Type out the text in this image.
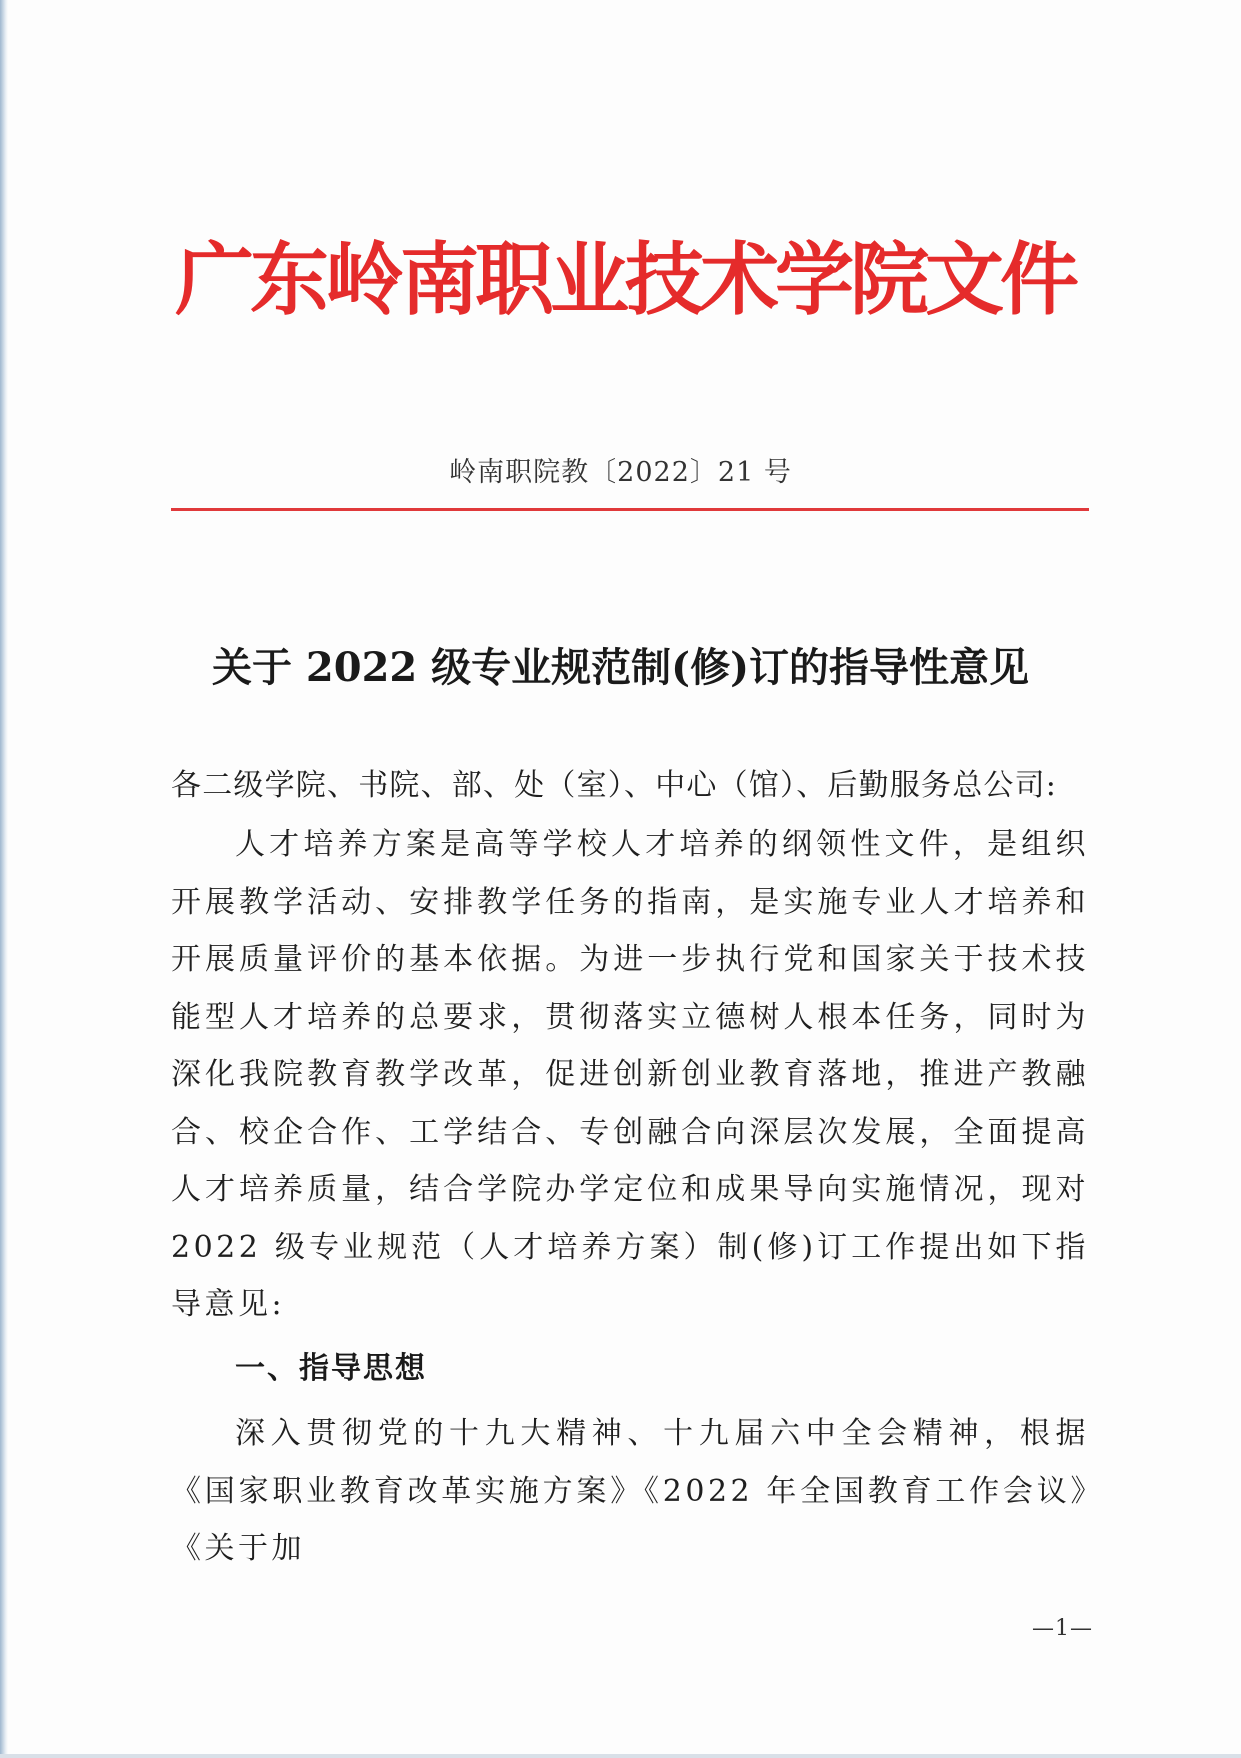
广东岭南职业技术学院文件
岭南职院教〔2022〕21 号
关于 2022 级专业规范制(修)订的指导性意见
各二级学院、书院、部、处（室）、中心（馆）、后勤服务总公司:

人才培养方案是高等学校人才培养的纲领性文件，是组织开展教学活动、安排教学任务的指南，是实施专业人才培养和开展质量评价的基本依据。为进一步执行党和国家关于技术技能型人才培养的总要求，贯彻落实立德树人根本任务，同时为深化我院教育教学改革，促进创新创业教育落地，推进产教融合、校企合作、工学结合、专创融合向深层次发展，全面提高人才培养质量，结合学院办学定位和成果导向实施情况，现对 2022 级专业规范（人才培养方案）制(修)订工作提出如下指导意见:

一、指导思想

深入贯彻党的十九大精神、十九届六中全会精神，根据《国家职业教育改革实施方案》《2022 年全国教育工作会议》《关于加

—1—
